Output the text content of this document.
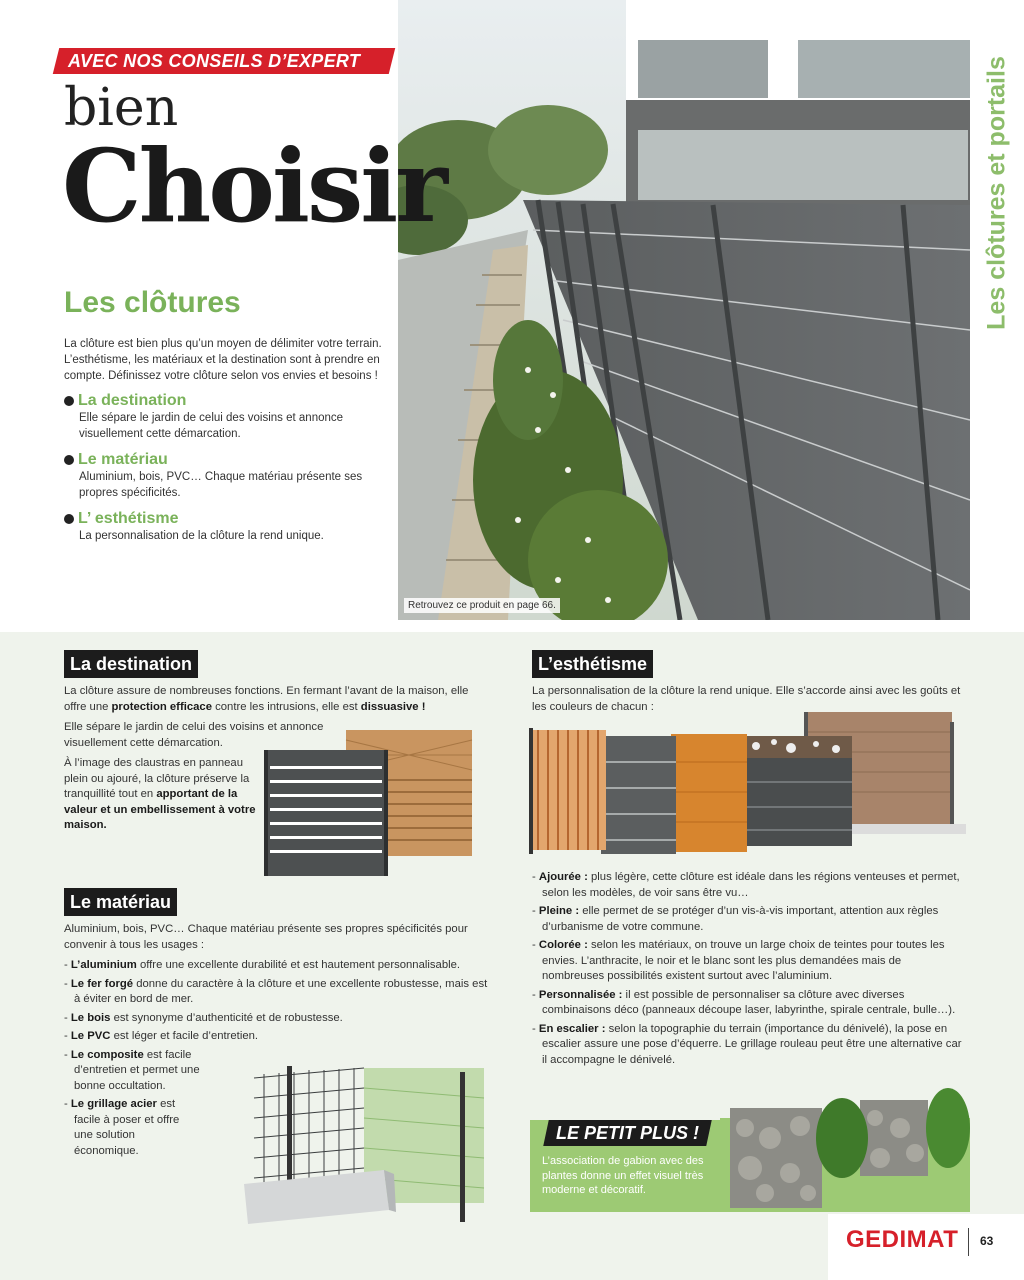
AVEC NOS CONSEILS D’EXPERT
bien
Choisir
Retrouvez ce produit en page 66.
Les clôtures et portails
Les clôtures
La clôture est bien plus qu’un moyen de délimiter votre terrain. L’esthétisme, les matériaux et la destination sont à prendre en compte. Définissez votre clôture selon vos envies et besoins !
La destination
Elle sépare le jardin de celui des voisins et annonce visuellement cette démarcation.
Le matériau
Aluminium, bois, PVC… Chaque matériau présente ses propres spécificités.
L’ esthétisme
La personnalisation de la clôture la rend unique.
La destination
La clôture assure de nombreuses fonctions. En fermant l’avant de la maison, elle offre une protection efficace contre les intrusions, elle est dissuasive !
Elle sépare le jardin de celui des voisins et annonce visuellement cette démarcation.
À l’image des claustras en panneau plein ou ajouré, la clôture préserve la tranquillité tout en apportant de la valeur et un embellissement à votre maison.
Le matériau
Aluminium, bois, PVC… Chaque matériau présente ses propres spécificités pour convenir à tous les usages :
- L’aluminium offre une excellente durabilité et est hautement personnalisable.
- Le fer forgé donne du caractère à la clôture et une excellente robustesse, mais est à éviter en bord de mer.
- Le bois est synonyme d’authenticité et de robustesse.
- Le PVC est léger et facile d’entretien.
- Le composite est facile d’entretien et permet une bonne occultation.
- Le grillage acier est facile à poser et offre une solution économique.
L’esthétisme
La personnalisation de la clôture la rend unique. Elle s’accorde ainsi avec les goûts et les couleurs de chacun :
- Ajourée : plus légère, cette clôture est idéale dans les régions venteuses et permet, selon les modèles, de voir sans être vu…
- Pleine : elle permet de se protéger d’un vis-à-vis important, attention aux règles d’urbanisme de votre commune.
- Colorée : selon les matériaux, on trouve un large choix de teintes pour toutes les envies. L’anthracite, le noir et le blanc sont les plus demandées mais de nombreuses possibilités existent surtout avec l’aluminium.
- Personnalisée : il est possible de personnaliser sa clôture avec diverses combinaisons déco (panneaux découpe laser, labyrinthe, spirale centrale, bulle…).
- En escalier : selon la topographie du terrain (importance du dénivelé), la pose en escalier assure une pose d’équerre. Le grillage rouleau peut être une alternative car il accompagne le dénivelé.
LE PETIT PLUS !
L’association de gabion avec des plantes donne un effet visuel très moderne et décoratif.
GEDIMAT 63
